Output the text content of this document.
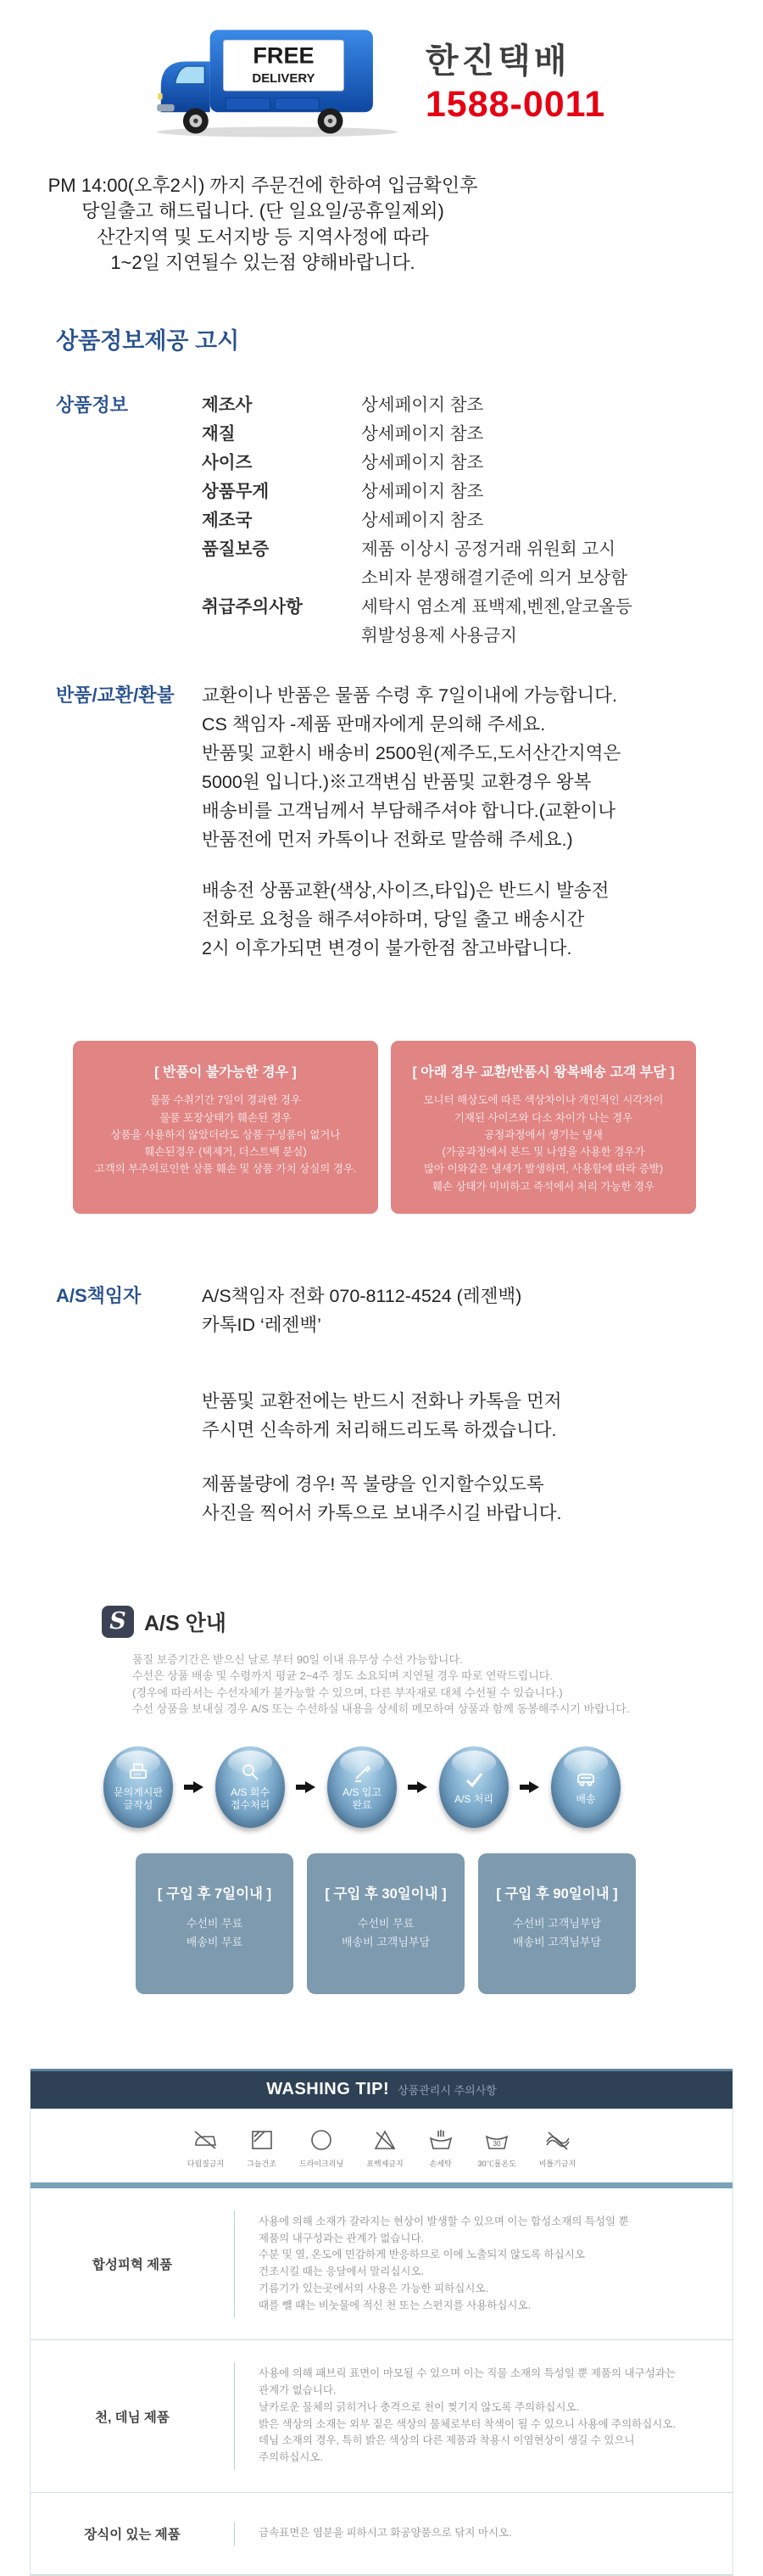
FREE
DELIVERY	한진택배
1588-0011

PM 14:00(오후2시) 까지 주문건에 한하여 입금확인후
당일출고 해드립니다. (단 일요일/공휴일제외)
산간지역 및 도서지방 등 지역사정에 따라
1~2일 지연될수 있는점 양해바랍니다.

상품정보제공 고시
상품정보	제조사	상세페이지 참조
재질	상세페이지 참조
사이즈	상세페이지 참조
상품무게	상세페이지 참조
제조국	상세페이지 참조
품질보증	제품 이상시 공정거래 위원회 고시
소비자 분쟁해결기준에 의거 보상함
취급주의사항	세탁시 염소계 표백제,벤젠,알코올등
휘발성용제 사용금지
반품/교환/환불	교환이나 반품은 물품 수령 후 7일이내에 가능합니다.
CS 책임자 -제품 판매자에게 문의해 주세요.
반품및 교환시 배송비 2500원(제주도,도서산간지역은
5000원 입니다.)※고객변심 반품및 교환경우 왕복
배송비를 고객님께서 부담해주셔야 합니다.(교환이나
반품전에 먼저 카톡이나 전화로 말씀해 주세요.)

배송전 상품교환(색상,사이즈,타입)은 반드시 발송전
전화로 요청을 해주셔야하며, 당일 출고 배송시간
2시 이후가되면 변경이 불가한점 참고바랍니다.

[ 반품이 불가능한 경우 ]
물품 수취기간 7일이 경과한 경우
물품 포장상태가 훼손된 경우
상품을 사용하지 않았더라도 상품 구성품이 없거나
훼손된경우 (택제거, 더스트백 분실)
고객의 부주의로인한 상품 훼손 및 상품 가치 상실의 경우.
[ 아래 경우 교환/반품시 왕복배송 고객 부담 ]
모니터 해상도에 따른 색상차이나 개인적인 시각차이
기재된 사이즈와 다소 차이가 나는 경우
공정과정에서 생기는 냄새
(가공과정에서 본드 및 나염을 사용한 경우가
많아 이와같은 냄새가 발생하며, 사용함에 따라 증발)
훼손 상태가 미비하고 즉석에서 처리 가능한 경우
A/S책임자	A/S책임자 전화 070-8112-4524 (레젠백)
카톡ID ‘레젠백’

반품및 교환전에는 반드시 전화나 카톡을 먼저
주시면 신속하게 처리해드리도록 하겠습니다.

제품불량에 경우! 꼭 불량을 인지할수있도록
사진을 찍어서 카톡으로 보내주시길 바랍니다.

S A/S 안내
품질 보증기간은 받으신 날로 부터 90일 이내 유무상 수선 가능합니다.
수선은 상품 배송 및 수령까지 평균 2~4주 정도 소요되며 지연될 경우 따로 연락드립니다.
(경우에 따라서는 수선자체가 불가능할 수 있으며, 다른 부자재로 대체 수선될 수 있습니다.)
수선 상품을 보내실 경우 A/S 또는 수선하실 내용을 상세히 메모하여 상품과 함께 동봉해주시기 바랍니다.
문의게시판
글작성
A/S 회수
접수처리
A/S 입고
완료
A/S 처리	배송
[ 구입 후 7일이내 ]
수선비 무료
배송비 무료
[ 구입 후 30일이내 ]
수선비 무료
배송비 고객님부담
[ 구입 후 90일이내 ]
수선비 고객님부담
배송비 고객님부담
WASHING TIP! 상품관리시 주의사항
다림질금지	그늘건조	드라이크리닝	표백제금지	손세탁
30
30℃물온도	비틀기금지
합성피혁 제품
사용에 의해 소재가 갈라지는 현상이 발생할 수 있으며 이는 합성소재의 특성일 뿐
제품의 내구성과는 관계가 없습니다.
수분 및 열, 온도에 민감하게 반응하므로 이에 노출되지 않도록 하십시오
건조시킬 때는 응달에서 말리십시오.
기름기가 있는곳에서의 사용은 가능한 피하십시오.
때를 뺄 때는 비눗물에 적신 천 또는 스펀지를 사용하십시오.
천, 데님 제품
사용에 의해 패브릭 표면이 마모될 수 있으며 이는 직물 소재의 특성일 뿐 제품의 내구성과는
관계가 없습니다.
날카로운 물체의 긁히거나 충격으로 천이 찢기지 않도록 주의하십시오.
밝은 색상의 소재는 외부 짙은 색상의 물체로부터 착색이 될 수 있으니 사용에 주의하십시오.
데님 소재의 경우, 특히 밝은 색상의 다른 제품과 착용시 이염현상이 생길 수 있으니
주의하십시오.
장식이 있는 제품	금속표면은 염분을 피하시고 화공양품으로 닦지 마시오.
